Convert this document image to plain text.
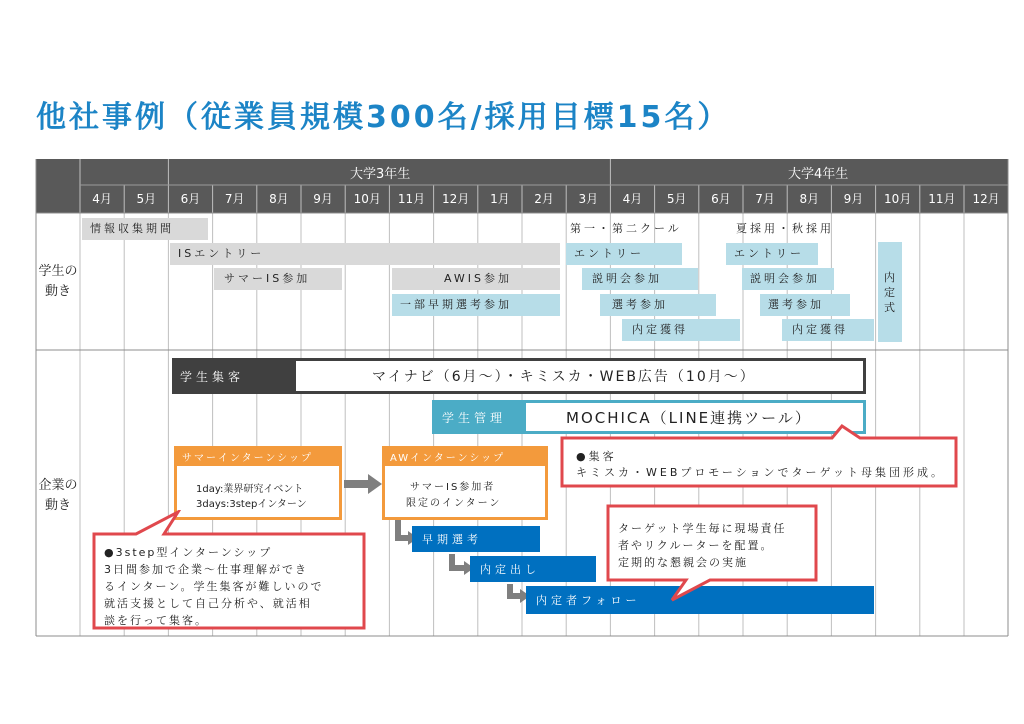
他社事例（従業員規模300名/採用目標15名）
大学3年生	大学4年生
4月	5月	6月	7月	8月	9月	10月	11月	12月	1月	2月	3月	4月	5月	6月	7月	8月	9月	10月	11月	12月
学生の
動き
企業の
動き
情報収集期間
ISエントリー
サマーIS参加	AWIS参加
一部早期選考参加
第一・第二クール
エントリー
説明会参加
選考参加
内定獲得
夏採用・秋採用
エントリー
説明会参加
選考参加
内定獲得
内定式
学生集客	マイナビ（6月～）・キミスカ・WEB広告（10月～）
学生管理	MOCHICA（LINE連携ツール）
サマーインターンシップ
1day:業界研究イベント
3days:3stepインターン
AWインターンシップ
サマーIS参加者
限定のインターン
早期選考
内定出し
内定者フォロー
●集客
キミスカ・WEBプロモーションでターゲット母集団形成。
ターゲット学生毎に現場責任
者やリクルーターを配置。
定期的な懇親会の実施
●3step型インターンシップ
3日間参加で企業～仕事理解ができ
るインターン。学生集客が難しいので
就活支援として自己分析や、就活相
談を行って集客。
